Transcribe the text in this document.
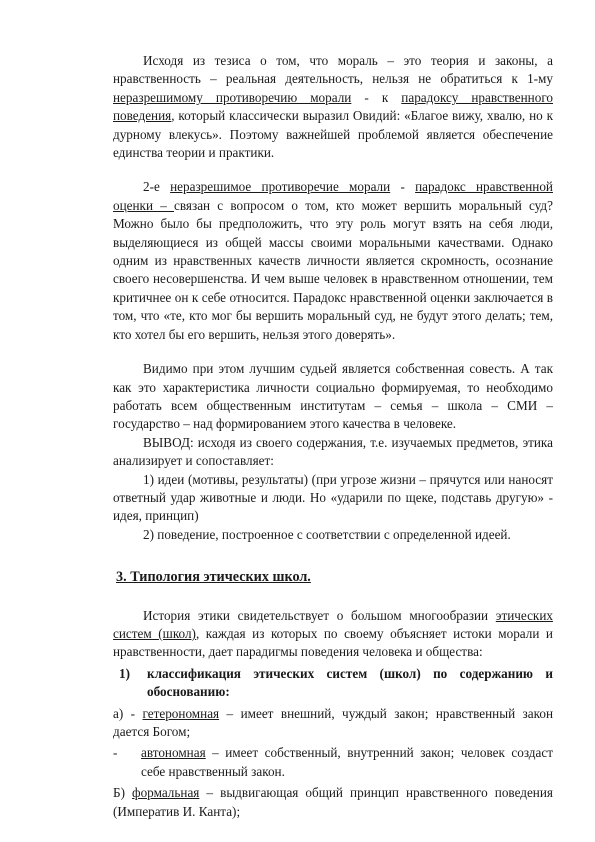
Исходя из тезиса о том, что мораль – это теория и законы, а нравственность – реальная деятельность, нельзя не обратиться к 1-му неразрешимому противоречию морали - к парадоксу нравственного поведения, который классически выразил Овидий: «Благое вижу, хвалю, но к дурному влекусь». Поэтому важнейшей проблемой является обеспечение единства теории и практики.

2-е неразрешимое противоречие морали - парадокс нравственной оценки – связан с вопросом о том, кто может вершить моральный суд? Можно было бы предположить, что эту роль могут взять на себя люди, выделяющиеся из общей массы своими моральными качествами. Однако одним из нравственных качеств личности является скромность, осознание своего несовершенства. И чем выше человек в нравственном отношении, тем критичнее он к себе относится. Парадокс нравственной оценки заключается в том, что «те, кто мог бы вершить моральный суд, не будут этого делать; тем, кто хотел бы его вершить, нельзя этого доверять».

Видимо при этом лучшим судьей является собственная совесть. А так как это характеристика личности социально формируемая, то необходимо работать всем общественным институтам – семья – школа – СМИ – государство – над формированием этого качества в человеке.

ВЫВОД: исходя из своего содержания, т.е. изучаемых предметов, этика анализирует и сопоставляет:

1) идеи (мотивы, результаты) (при угрозе жизни – прячутся или наносят ответный удар животные и люди. Но «ударили по щеке, подставь другую» - идея, принцип)

2) поведение, построенное с соответствии с определенной идеей.

3. Типология этических школ.

История этики свидетельствует о большом многообразии этических систем (школ), каждая из которых по своему объясняет истоки морали и нравственности, дает парадигмы поведения человека и общества:

1)	классификация этических систем (школ) по содержанию и обоснованию:

а) - гетерономная – имеет внешний, чуждый закон; нравственный закон дается Богом;

-	автономная – имеет собственный, внутренний закон; человек создаст себе нравственный закон.

Б) формальная – выдвигающая общий принцип нравственного поведения (Императив И. Канта);
